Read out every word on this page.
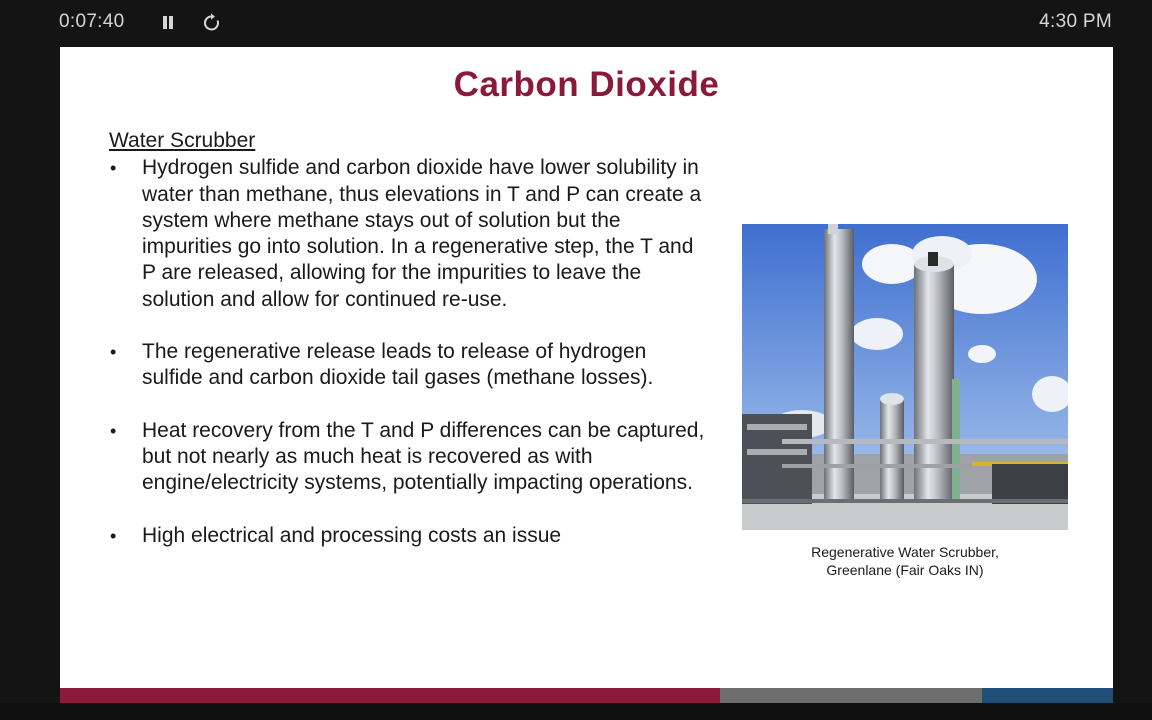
0:07:40	4:30 PM
Carbon Dioxide
Water Scrubber
• Hydrogen sulfide and carbon dioxide have lower solubility in water than methane, thus elevations in T and P can create a system where methane stays out of solution but the impurities go into solution. In a regenerative step, the T and P are released, allowing for the impurities to leave the solution and allow for continued re-use.
• The regenerative release leads to release of hydrogen sulfide and carbon dioxide tail gases (methane losses).
• Heat recovery from the T and P differences can be captured, but not nearly as much heat is recovered as with engine/electricity systems, potentially impacting operations.
• High electrical and processing costs an issue
Regenerative Water Scrubber, Greenlane (Fair Oaks IN)
